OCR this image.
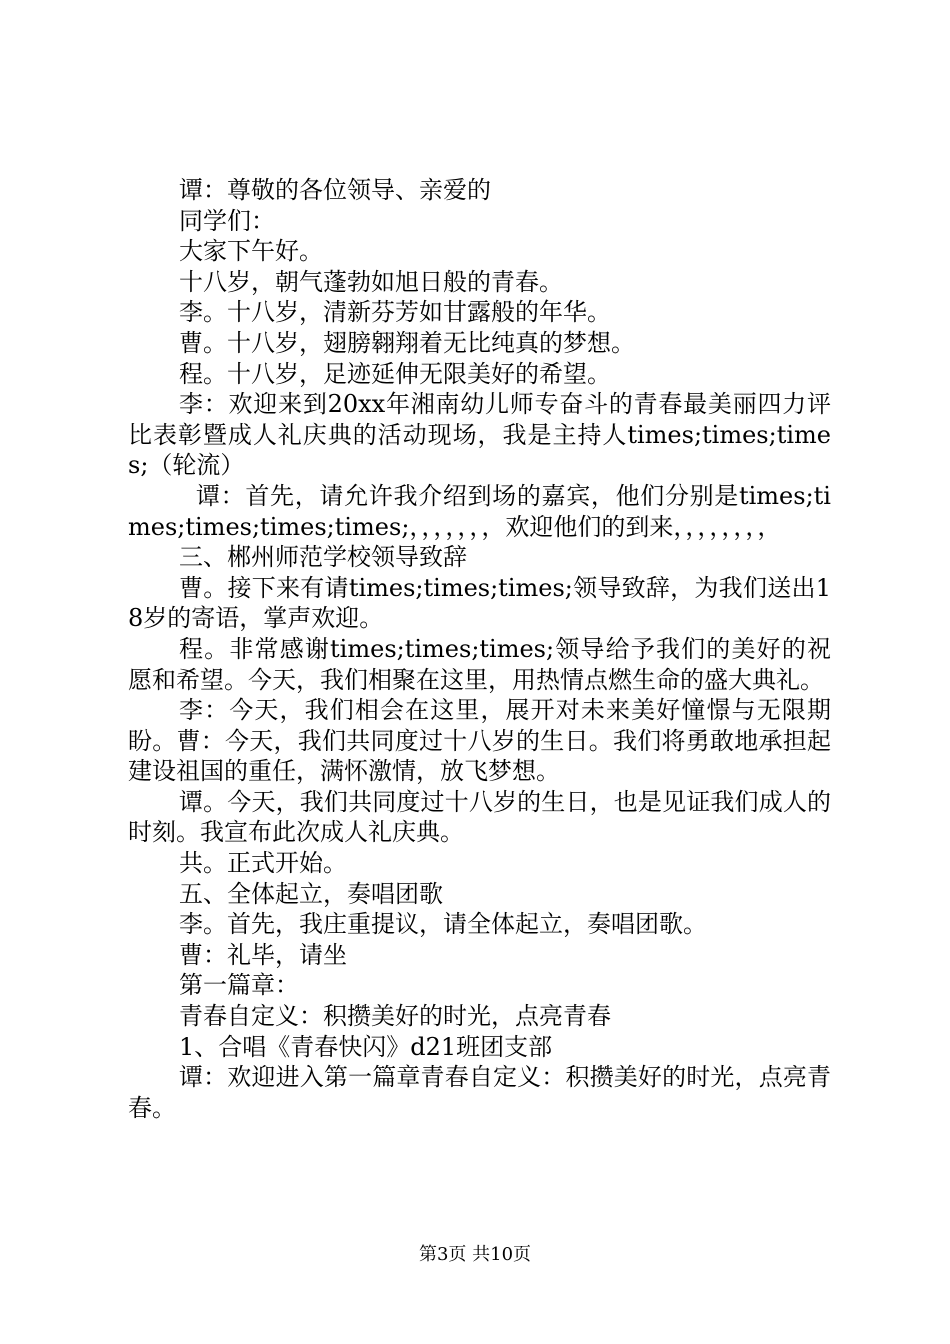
谭：尊敬的各位领导、亲爱的

同学们：

大家下午好。

十八岁，朝气蓬勃如旭日般的青春。

李。十八岁，清新芬芳如甘露般的年华。

曹。十八岁，翅膀翱翔着无比纯真的梦想。

程。十八岁，足迹延伸无限美好的希望。

李：欢迎来到20xx年湘南幼儿师专奋斗的青春最美丽四力评比表彰暨成人礼庆典的活动现场，我是主持人times;times;times;（轮流）

谭：首先，请允许我介绍到场的嘉宾，他们分别是times;times;times;times;times;，，，，，，，欢迎他们的到来，，，，，，，，

三、郴州师范学校领导致辞

曹。接下来有请times;times;times;领导致辞，为我们送出18岁的寄语，掌声欢迎。

程。非常感谢times;times;times;领导给予我们的美好的祝愿和希望。今天，我们相聚在这里，用热情点燃生命的盛大典礼。

李：今天，我们相会在这里，展开对未来美好憧憬与无限期盼。曹：今天，我们共同度过十八岁的生日。我们将勇敢地承担起建设祖国的重任，满怀激情，放飞梦想。

谭。今天，我们共同度过十八岁的生日，也是见证我们成人的时刻。我宣布此次成人礼庆典。

共。正式开始。

五、全体起立，奏唱团歌

李。首先，我庄重提议，请全体起立，奏唱团歌。

曹：礼毕，请坐

第一篇章：

青春自定义：积攒美好的时光，点亮青春

1、合唱《青春快闪》d21班团支部

谭：欢迎进入第一篇章青春自定义：积攒美好的时光，点亮青春。

第3页 共10页
